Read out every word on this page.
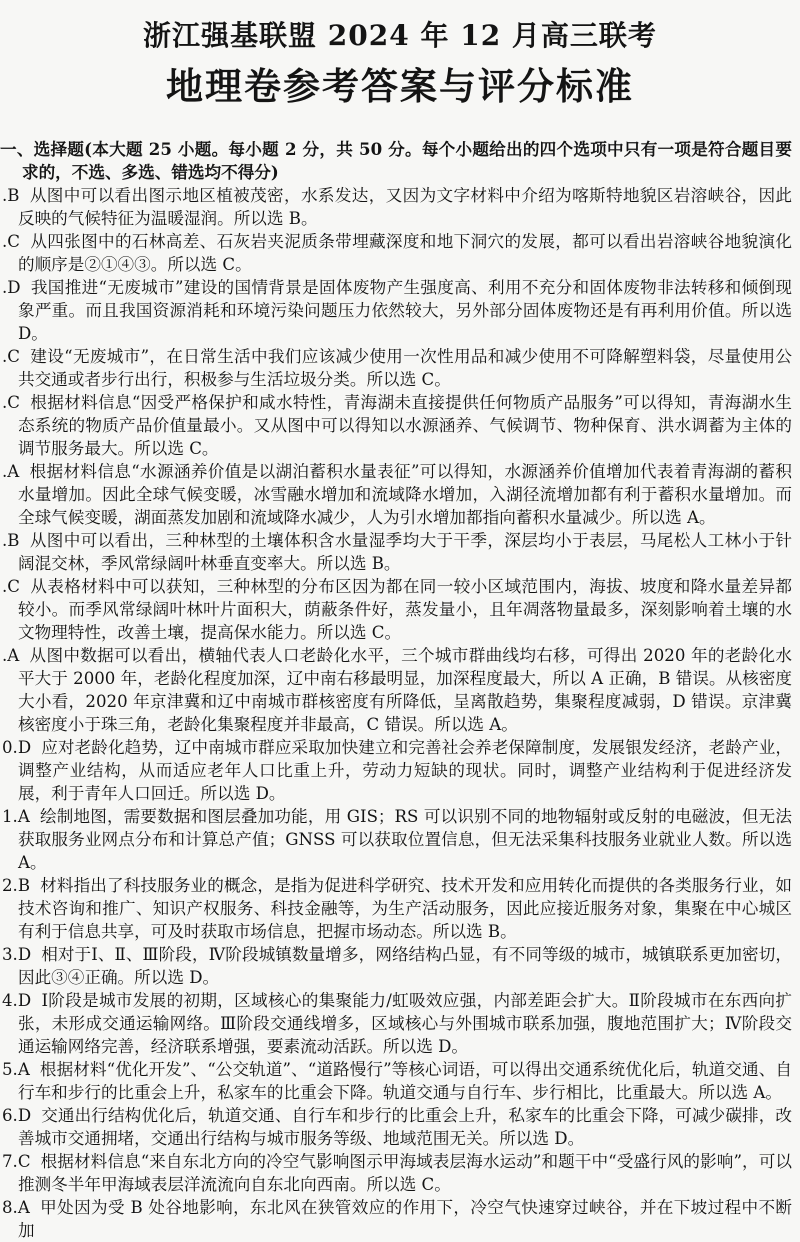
浙江强基联盟 2024 年 12 月高三联考
地理卷参考答案与评分标准

一、选择题(本大题 25 小题。每小题 2 分，共 50 分。每个小题给出的四个选项中只有一项是符合题目要求的，不选、多选、错选均不得分)

.B 从图中可以看出图示地区植被茂密，水系发达，又因为文字材料中介绍为喀斯特地貌区岩溶峡谷，因此反映的气候特征为温暖湿润。所以选 B。

.C 从四张图中的石林高差、石灰岩夹泥质条带埋藏深度和地下洞穴的发展，都可以看出岩溶峡谷地貌演化的顺序是②①④③。所以选 C。

.D 我国推进“无废城市”建设的国情背景是固体废物产生强度高、利用不充分和固体废物非法转移和倾倒现象严重。而且我国资源消耗和环境污染问题压力依然较大，另外部分固体废物还是有再利用价值。所以选 D。

.C 建设“无废城市”，在日常生活中我们应该减少使用一次性用品和减少使用不可降解塑料袋，尽量使用公共交通或者步行出行，积极参与生活垃圾分类。所以选 C。

.C 根据材料信息“因受严格保护和咸水特性，青海湖未直接提供任何物质产品服务”可以得知，青海湖水生态系统的物质产品价值量最小。又从图中可以得知以水源涵养、气候调节、物种保育、洪水调蓄为主体的调节服务最大。所以选 C。

.A 根据材料信息“水源涵养价值是以湖泊蓄积水量表征”可以得知，水源涵养价值增加代表着青海湖的蓄积水量增加。因此全球气候变暖，冰雪融水增加和流域降水增加，入湖径流增加都有利于蓄积水量增加。而全球气候变暖，湖面蒸发加剧和流域降水减少，人为引水增加都指向蓄积水量减少。所以选 A。

.B 从图中可以看出，三种林型的土壤体积含水量湿季均大于干季，深层均小于表层，马尾松人工林小于针阔混交林，季风常绿阔叶林垂直变率大。所以选 B。

.C 从表格材料中可以获知，三种林型的分布区因为都在同一较小区域范围内，海拔、坡度和降水量差异都较小。而季风常绿阔叶林叶片面积大，荫蔽条件好，蒸发量小，且年凋落物量最多，深刻影响着土壤的水文物理特性，改善土壤，提高保水能力。所以选 C。

.A 从图中数据可以看出，横轴代表人口老龄化水平，三个城市群曲线均右移，可得出 2020 年的老龄化水平大于 2000 年，老龄化程度加深，辽中南右移最明显，加深程度最大，所以 A 正确，B 错误。从核密度大小看，2020 年京津冀和辽中南城市群核密度有所降低，呈离散趋势，集聚程度减弱，D 错误。京津冀核密度小于珠三角，老龄化集聚程度并非最高，C 错误。所以选 A。

0.D 应对老龄化趋势，辽中南城市群应采取加快建立和完善社会养老保障制度，发展银发经济，老龄产业，调整产业结构，从而适应老年人口比重上升，劳动力短缺的现状。同时，调整产业结构利于促进经济发展，利于青年人口回迁。所以选 D。

1.A 绘制地图，需要数据和图层叠加功能，用 GIS；RS 可以识别不同的地物辐射或反射的电磁波，但无法获取服务业网点分布和计算总产值；GNSS 可以获取位置信息，但无法采集科技服务业就业人数。所以选 A。

2.B 材料指出了科技服务业的概念，是指为促进科学研究、技术开发和应用转化而提供的各类服务行业，如技术咨询和推广、知识产权服务、科技金融等，为生产活动服务，因此应接近服务对象，集聚在中心城区有利于信息共享，可及时获取市场信息，把握市场动态。所以选 B。

3.D 相对于Ⅰ、Ⅱ、Ⅲ阶段，Ⅳ阶段城镇数量增多，网络结构凸显，有不同等级的城市，城镇联系更加密切，因此③④正确。所以选 D。

4.D Ⅰ阶段是城市发展的初期，区域核心的集聚能力/虹吸效应强，内部差距会扩大。Ⅱ阶段城市在东西向扩张，未形成交通运输网络。Ⅲ阶段交通线增多，区域核心与外围城市联系加强，腹地范围扩大；Ⅳ阶段交通运输网络完善，经济联系增强，要素流动活跃。所以选 D。

5.A 根据材料“优化开发”、“公交轨道”、“道路慢行”等核心词语，可以得出交通系统优化后，轨道交通、自行车和步行的比重会上升，私家车的比重会下降。轨道交通与自行车、步行相比，比重最大。所以选 A。

6.D 交通出行结构优化后，轨道交通、自行车和步行的比重会上升，私家车的比重会下降，可减少碳排，改善城市交通拥堵，交通出行结构与城市服务等级、地域范围无关。所以选 D。

7.C 根据材料信息“来自东北方向的冷空气影响图示甲海域表层海水运动”和题干中“受盛行风的影响”，可以推测冬半年甲海域表层洋流流向自东北向西南。所以选 C。

8.A 甲处因为受 B 处谷地影响，东北风在狭管效应的作用下，冷空气快速穿过峡谷，并在下坡过程中不断加
